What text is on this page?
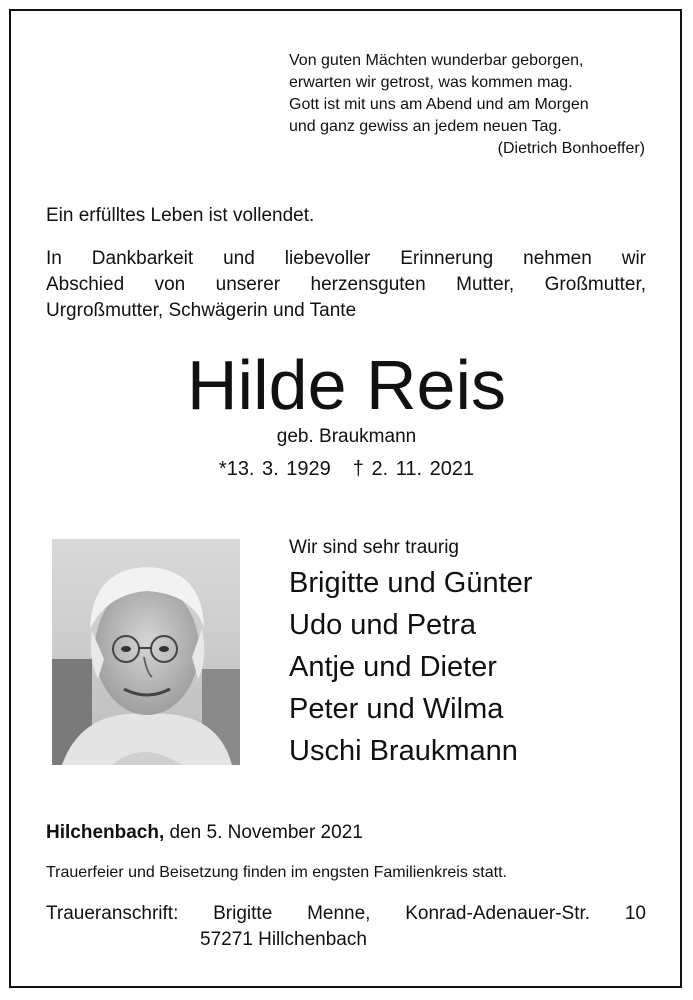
Von guten Mächten wunderbar geborgen,
erwarten wir getrost, was kommen mag.
Gott ist mit uns am Abend und am Morgen
und ganz gewiss an jedem neuen Tag.
(Dietrich Bonhoeffer)
Ein erfülltes Leben ist vollendet.
In Dankbarkeit und liebevoller Erinnerung nehmen wir
Abschied von unserer herzensguten Mutter, Großmutter,
Urgroßmutter, Schwägerin und Tante
Hilde Reis
geb. Braukmann
*13. 3. 1929 † 2. 11. 2021
Wir sind sehr traurig
Brigitte und Günter
Udo und Petra
Antje und Dieter
Peter und Wilma
Uschi Braukmann
Hilchenbach, den 5. November 2021
Trauerfeier und Beisetzung finden im engsten Familienkreis statt.
Traueranschrift: Brigitte Menne, Konrad-Adenauer-Str. 10
57271 Hillchenbach
